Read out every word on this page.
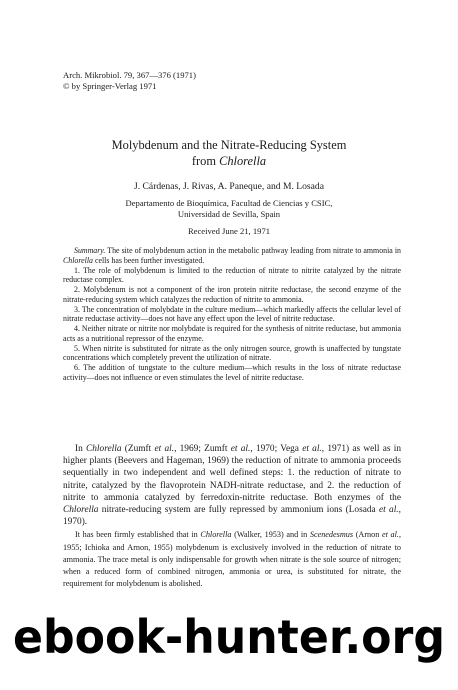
Arch. Mikrobiol. 79, 367—376 (1971)
© by Springer-Verlag 1971
Molybdenum and the Nitrate-Reducing System
from Chlorella
J. Cárdenas, J. Rivas, A. Paneque, and M. Losada
Departamento de Bioquímica, Facultad de Ciencias y CSIC,
Universidad de Sevilla, Spain
Received June 21, 1971

Summary. The site of molybdenum action in the metabolic pathway leading from nitrate to ammonia in Chlorella cells has been further investigated.

1. The role of molybdenum is limited to the reduction of nitrate to nitrite catalyzed by the nitrate reductase complex.

2. Molybdenum is not a component of the iron protein nitrite reductase, the second enzyme of the nitrate-reducing system which catalyzes the reduction of nitrite to ammonia.

3. The concentration of molybdate in the culture medium—which markedly affects the cellular level of nitrate reductase activity—does not have any effect upon the level of nitrite reductase.

4. Neither nitrate or nitrite nor molybdate is required for the synthesis of nitrite reductase, but ammonia acts as a nutritional repressor of the enzyme.

5. When nitrite is substituted for nitrate as the only nitrogen source, growth is unaffected by tungstate concentrations which completely prevent the utilization of nitrate.

6. The addition of tungstate to the culture medium—which results in the loss of nitrate reductase activity—does not influence or even stimulates the level of nitrite reductase.

In Chlorella (Zumft et al., 1969; Zumft et al., 1970; Vega et al., 1971) as well as in higher plants (Beevers and Hageman, 1969) the reduction of nitrate to ammonia proceeds sequentially in two independent and well defined steps: 1. the reduction of nitrate to nitrite, catalyzed by the flavoprotein NADH-nitrate reductase, and 2. the reduction of nitrite to ammonia catalyzed by ferredoxin-nitrite reductase. Both enzymes of the Chlorella nitrate-reducing system are fully repressed by ammonium ions (Losada et al., 1970).

It has been firmly established that in Chlorella (Walker, 1953) and in Scenedesmus (Arnon et al., 1955; Ichioka and Arnon, 1955) molybdenum is exclusively involved in the reduction of nitrate to ammonia. The trace metal is only indispensable for growth when nitrate is the sole source of nitrogen; when a reduced form of combined nitrogen, ammonia or urea, is substituted for nitrate, the requirement for molybdenum is abolished.

ebook-hunter.org
